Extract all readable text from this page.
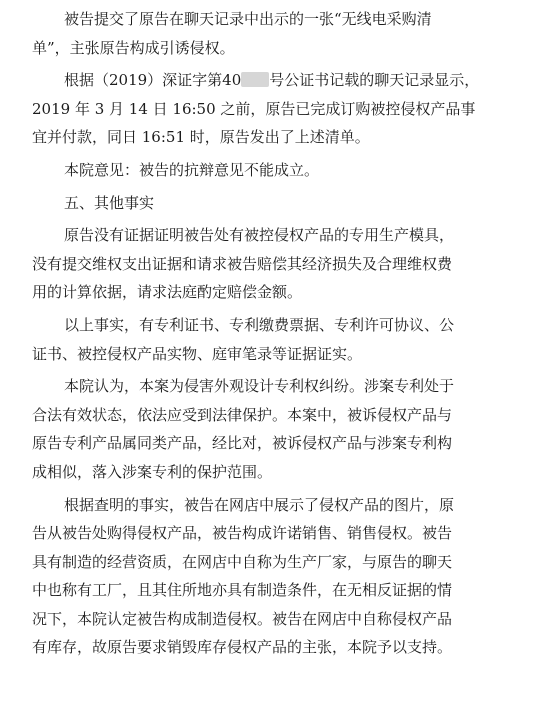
被告提交了原告在聊天记录中出示的一张“无线电采购清
单”，主张原告构成引诱侵权。

根据（2019）深证字第40 号公证书记载的聊天记录显示，
2019 年 3 月 14 日 16:50 之前，原告已完成订购被控侵权产品事
宜并付款，同日 16:51 时，原告发出了上述清单。

本院意见：被告的抗辩意见不能成立。

五、其他事实

原告没有证据证明被告处有被控侵权产品的专用生产模具，
没有提交维权支出证据和请求被告赔偿其经济损失及合理维权费
用的计算依据，请求法庭酌定赔偿金额。

以上事实，有专利证书、专利缴费票据、专利许可协议、公
证书、被控侵权产品实物、庭审笔录等证据证实。

本院认为，本案为侵害外观设计专利权纠纷。涉案专利处于
合法有效状态，依法应受到法律保护。本案中，被诉侵权产品与
原告专利产品属同类产品，经比对，被诉侵权产品与涉案专利构
成相似，落入涉案专利的保护范围。

根据查明的事实，被告在网店中展示了侵权产品的图片，原
告从被告处购得侵权产品，被告构成许诺销售、销售侵权。被告
具有制造的经营资质，在网店中自称为生产厂家，与原告的聊天
中也称有工厂，且其住所地亦具有制造条件，在无相反证据的情
况下，本院认定被告构成制造侵权。被告在网店中自称侵权产品
有库存，故原告要求销毁库存侵权产品的主张，本院予以支持。
